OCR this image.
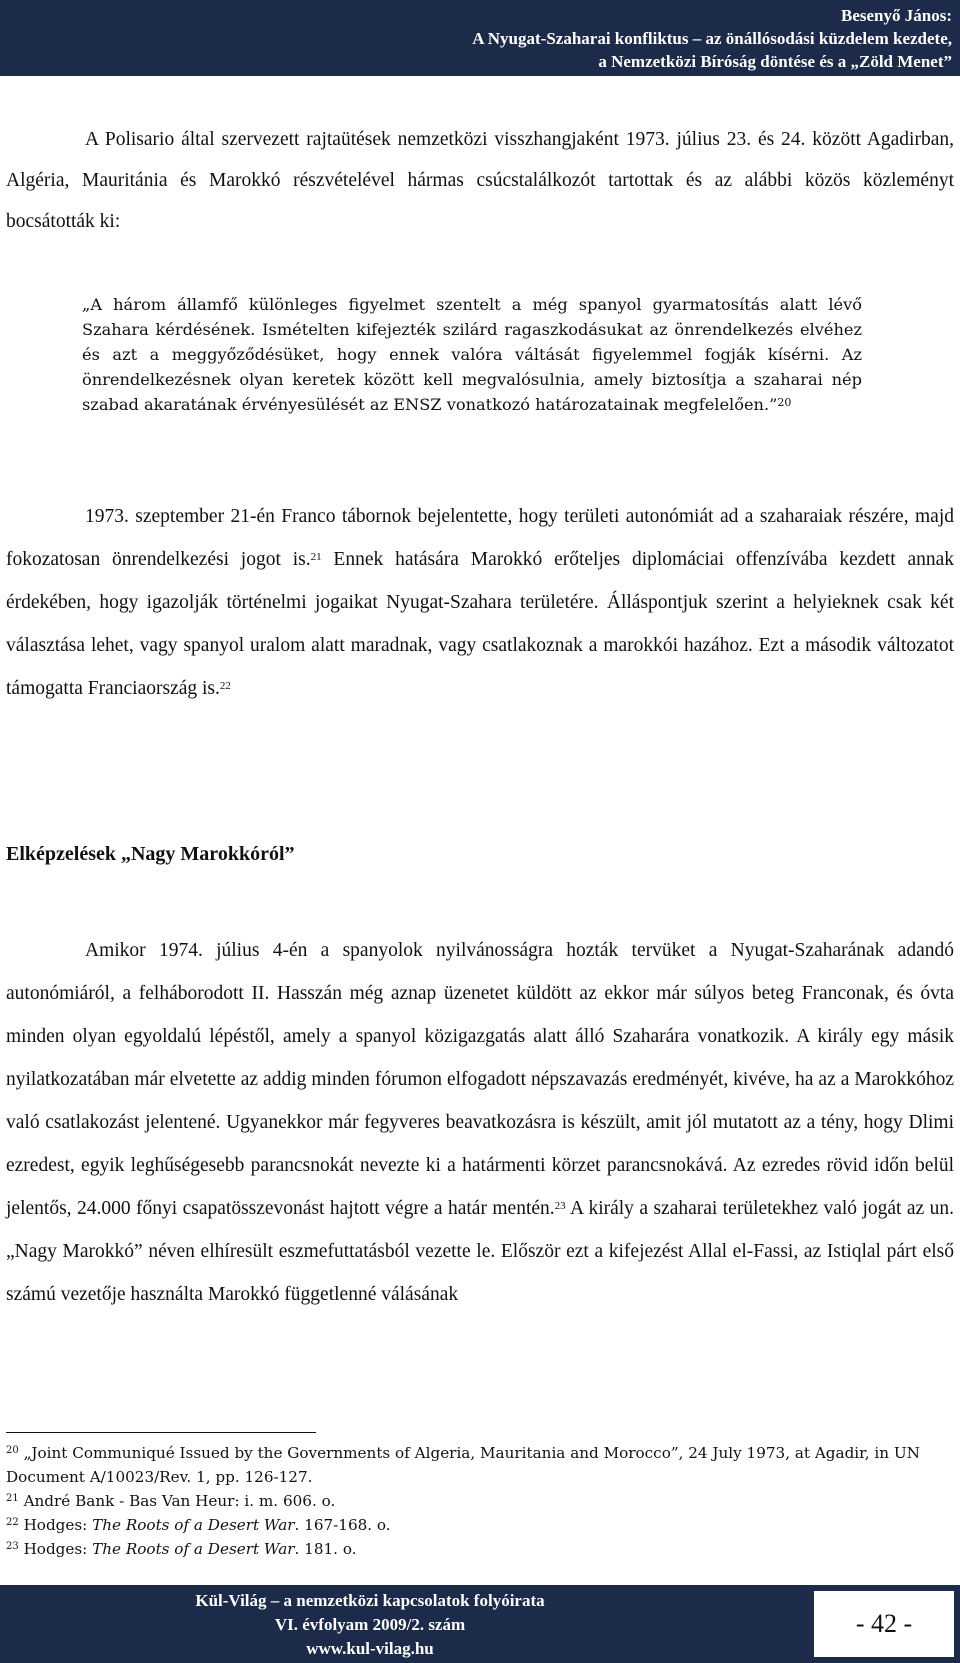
Besenyő János:
A Nyugat-Szaharai konfliktus – az önállósodási küzdelem kezdete,
a Nemzetközi Bíróság döntése és a „Zöld Menet”
A Polisario által szervezett rajtaütések nemzetközi visszhangjaként 1973. július 23. és 24. között Agadirban, Algéria, Mauritánia és Marokkó részvételével hármas csúcstalálkozót tartottak és az alábbi közös közleményt bocsátották ki:
„A három államfő különleges figyelmet szentelt a még spanyol gyarmatosítás alatt lévő Szahara kérdésének. Ismételten kifejezték szilárd ragaszkodásukat az önrendelkezés elvéhez és azt a meggyőződésüket, hogy ennek valóra váltását figyelemmel fogják kísérni. Az önrendelkezésnek olyan keretek között kell megvalósulnia, amely biztosítja a szaharai nép szabad akaratának érvényesülését az ENSZ vonatkozó határozatainak megfelelően.”$^{20}$
1973. szeptember 21-én Franco tábornok bejelentette, hogy területi autonómiát ad a szaharaiak részére, majd fokozatosan önrendelkezési jogot is.$^{21}$ Ennek hatására Marokkó erőteljes diplomáciai offenzívába kezdett annak érdekében, hogy igazolják történelmi jogaikat Nyugat-Szahara területére. Álláspontjuk szerint a helyieknek csak két választása lehet, vagy spanyol uralom alatt maradnak, vagy csatlakoznak a marokkói hazához. Ezt a második változatot támogatta Franciaország is.$^{22}$
Elképzelések „Nagy Marokkóról”
Amikor 1974. július 4-én a spanyolok nyilvánosságra hozták tervüket a Nyugat-Szaharának adandó autonómiáról, a felháborodott II. Hasszán még aznap üzenetet küldött az ekkor már súlyos beteg Franconak, és óvta minden olyan egyoldalú lépéstől, amely a spanyol közigazgatás alatt álló Szaharára vonatkozik. A király egy másik nyilatkozatában már elvetette az addig minden fórumon elfogadott népszavazás eredményét, kivéve, ha az a Marokkóhoz való csatlakozást jelentené. Ugyanekkor már fegyveres beavatkozásra is készült, amit jól mutatott az a tény, hogy Dlimi ezredest, egyik leghűségesebb parancsnokát nevezte ki a határmenti körzet parancsnokává. Az ezredes rövid időn belül jelentős, 24.000 főnyi csapatösszevonást hajtott végre a határ mentén.$^{23}$ A király a szaharai területekhez való jogát az un. „Nagy Marokkó” néven elhíresült eszmefuttatásból vezette le. Először ezt a kifejezést Allal el-Fassi, az Istiqlal párt első számú vezetője használta Marokkó függetlenné válásának

$^{20}$ „Joint Communiqué Issued by the Governments of Algeria, Mauritania and Morocco”, 24 July 1973, at Agadir, in UN Document A/10023/Rev. 1, pp. 126-127.

$^{21}$ André Bank - Bas Van Heur: i. m. 606. o.

$^{22}$ Hodges: The Roots of a Desert War. 167-168. o.

$^{23}$ Hodges: The Roots of a Desert War. 181. o.

Kül-Világ – a nemzetközi kapcsolatok folyóirata
VI. évfolyam 2009/2. szám
www.kul-vilag.hu
- 42 -
